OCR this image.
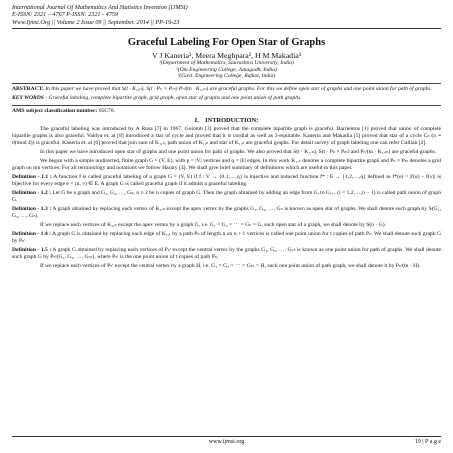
International Journal Of Mathematics And Statistics Invention (IJMSI)
E-ISSN: 2321 – 4767 P-ISSN: 2321 - 4759
Www.Ijmsi.Org || Volume 2 Issue 09 || September. 2014 || PP-19-23
Graceful Labeling For Open Star of Graphs
V J Kaneria¹, Meera Meghpara², H M Makadia³
¹(Department of Mathematics, Saurashtra University, India)
²(Om Engineering College, Junagadh, India)
³(Govt. Engineering College, Rajkot, India)
ABSTRACT: In this paper we have proved that S(t · K₁,ₙ), S(t · Pₙ × Pₘ) Pₙᵗ(tn · K₁,ₘ) are graceful graphs. For this we define open star of graphs and one point union for path of graphs.
KEY WORDS - Graceful labeling, complete bipartite graph, grid graph, open star of graphs and one point union of path graphs.
AMS subject classification number: 05C78.
I. INTRODUCTION:

The graceful labeling was introduced by A Rosa [7] in 1967. Golomb [3] proved that the complete bipartite graph is graceful. Barrientos [1] proved that union of complete bipartite graphs is also graceful. Vaidya et. al [8] introduced a star of cycle and proved that it is cordial as well as 3-equitable. Kaneria and Makadia [5] proved that star of a cycle Cₙ (n ≡ 0(mod 4)) is graceful. Kaneria et. al [6] proved that join sum of K₁,ₙ, path union of K₁,ₙ and star of K₁,ₙ are graceful graphs. For detail survey of graph labeling one can refer Gallian [2].

In this paper we have introduced open star of graphs and one point union for path of graphs. We also proved that S(t · K₁,ₙ), S(t · Pₙ × Pₘ) and Pₙᵗ(tn · K₁,ₘ) are graceful graphs.

We begun with a simple undirected, finite graph G = (V, E), with p = |V| vertices and q = |E| edges. In this work K₁,ₙ denotes a complete bipartite graph and Pₙ × Pₘ denotes a grid graph on mn vertices. For all terminology and notations we follow Harary [4]. We shall give brief summary of definitions which are useful in this paper.

Definition - 1.1 : A function f is called graceful labeling of a graph G = (V, E) if f : V → {0,1,…,q} is injective and induced function f* : E → {1,2,…,q} defined as f*(e) = |f(u) − f(v)| is bijective for every edge e = (u, v) ∈ E. A graph G is called graceful graph if it admits a graceful labeling.

Definition - 1.2 : Let G be a graph and G₁, G₂, …, Gₙ, n ≥ 2 be n copies of graph G. Then the graph obtained by adding an edge from Gᵢ to Gᵢ₊₁ (i = 1,2,…,n − 1) is called path union of graph G.

Definition - 1.3 : A graph obtained by replacing each vertex of K₁,ₙ except the apex vertex by the graphs G₁, G₂, …, Gₙ is known as open star of graphs. We shall denote such graph by S(G₁, G₂, …, Gₙ).

If we replace each vertices of K₁,ₙ except the apex vertex by a graph G, i.e. G₁ = G₂ = ⋯ = Gₙ = G, such open star of a graph, we shall denote by S(n · G).

Definition - 1.4 : A graph G is obtained by replacing each edge of K₁,ₜ by a path Pₙ of length n on n + 1 vertices is called one point union for t copies of path Pₙ. We shall denote such graph G by Pₙᵗ.

Definition - 1.5 : A graph G obtained by replacing each vertices of Pₙᵗ except the central vertex by the graphs G₁, G₂, …, Gₜₙ is known as one point union for path of graphs. We shall denote such graph G by Pₙᵗ(G₁, G₂, …, Gₜₙ), where Pₙᵗ is the one point union of t copies of path Pₙ.

If we replace each vertices of Pₙᵗ except the central vertex by a graph H, i.e. G₁ = G₂ = ⋯ = Gₜₙ = H, such one point union of path graph, we shall denote it by Pₙᵗ(tn · H).

www.ijmsi.org	19 | P a g e
